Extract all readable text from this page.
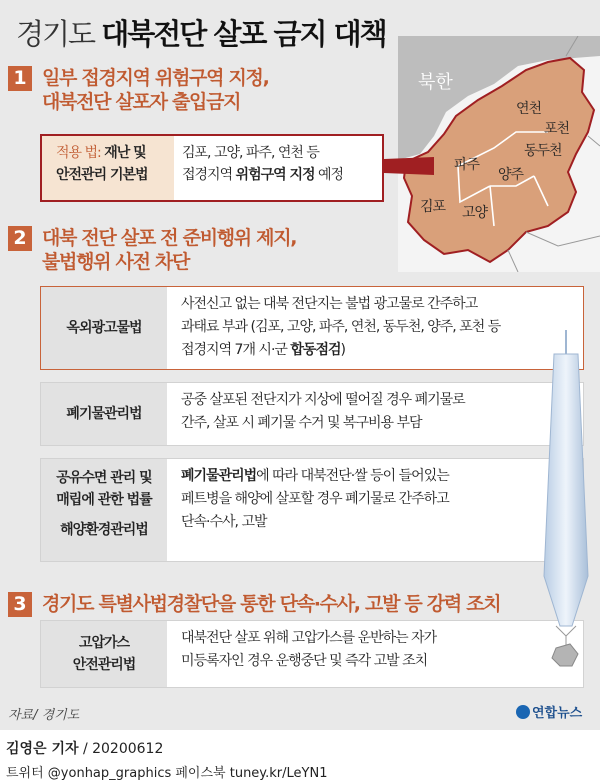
경기도 대북전단 살포 금지 대책
북한
연천
포천
파주
동두천
양주
김포 고양
1 일부 접경지역 위험구역 지정,
대북전단 살포자 출입금지
적용 법: 재난 및
안전관리 기본법
김포, 고양, 파주, 연천 등
접경지역 위험구역 지정 예정
2 대북 전단 살포 전 준비행위 제지,
불법행위 사전 차단
옥외광고물법
사전신고 없는 대북 전단지는 불법 광고물로 간주하고
과태료 부과 (김포, 고양, 파주, 연천, 동두천, 양주, 포천 등
접경지역 7개 시·군 합동점검)
폐기물관리법
공중 살포된 전단지가 지상에 떨어질 경우 폐기물로
간주, 살포 시 폐기물 수거 및 복구비용 부담
공유수면 관리 및
매립에 관한 법률
해양환경관리법
폐기물관리법에 따라 대북전단·쌀 등이 들어있는
페트병을 해양에 살포할 경우 폐기물로 간주하고
단속·수사, 고발
3 경기도 특별사법경찰단을 통한 단속·수사, 고발 등 강력 조치
고압가스
안전관리법
대북전단 살포 위해 고압가스를 운반하는 자가
미등록자인 경우 운행중단 및 즉각 고발 조치
자료/ 경기도	연합뉴스
김영은 기자 / 20200612
트위터 @yonhap_graphics 페이스북 tuney.kr/LeYN1
